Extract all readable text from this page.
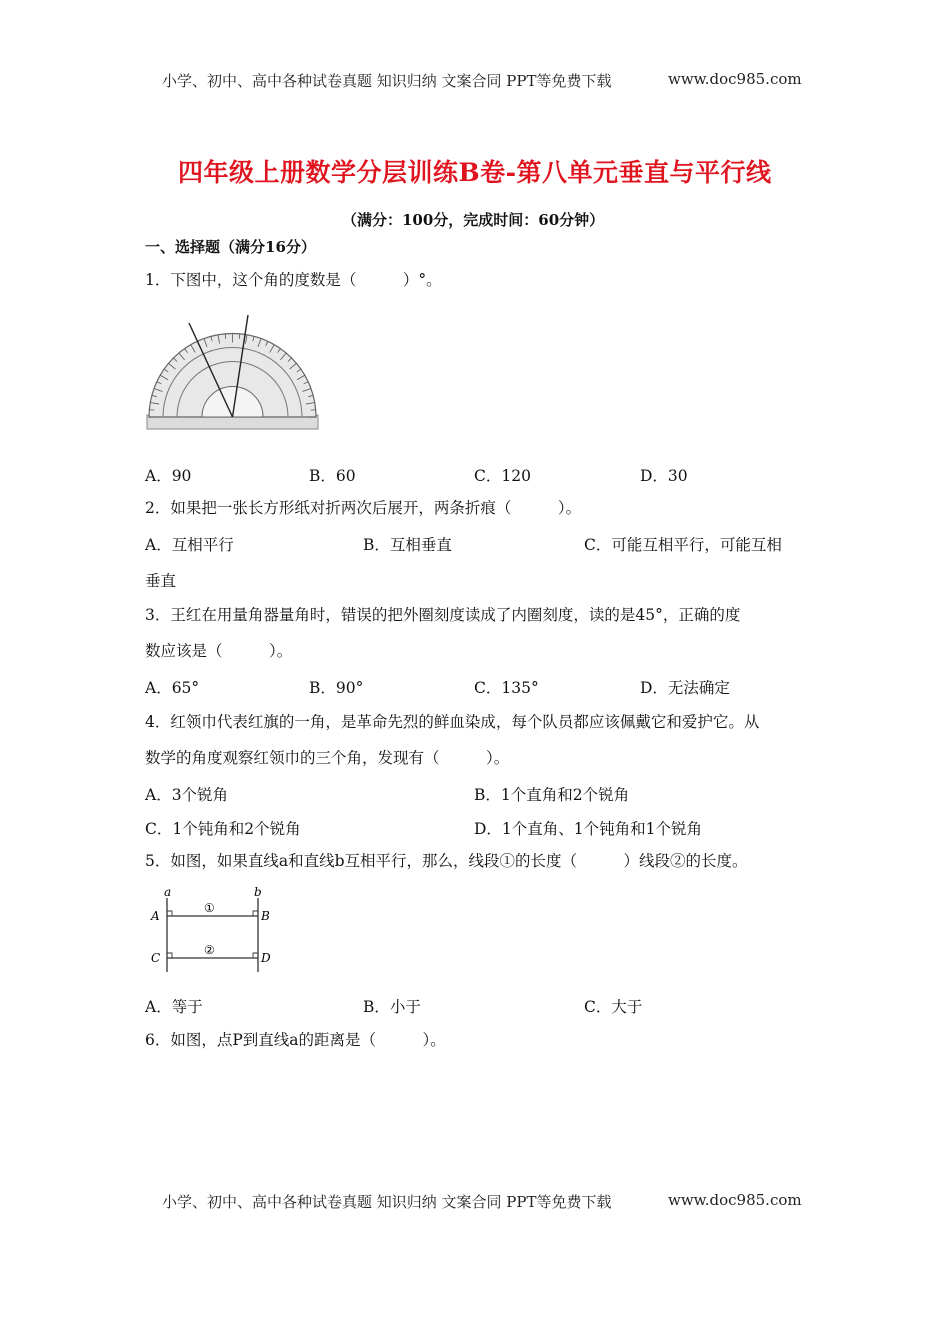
小学、初中、高中各种试卷真题 知识归纳 文案合同 PPT等免费下载	www.doc985.com
四年级上册数学分层训练B卷-第八单元垂直与平行线
（满分：100分，完成时间：60分钟）
一、选择题（满分16分）
1．下图中，这个角的度数是（　　　）°。
A．90	B．60	C．120	D．30
2．如果把一张长方形纸对折两次后展开，两条折痕（　　　）。
A．互相平行	B．互相垂直	C．可能互相平行，可能互相
垂直
3．王红在用量角器量角时，错误的把外圈刻度读成了内圈刻度，读的是45°，正确的度
数应该是（　　　）。
A．65°	B．90°	C．135°	D．无法确定
4．红领巾代表红旗的一角，是革命先烈的鲜血染成，每个队员都应该佩戴它和爱护它。从
数学的角度观察红领巾的三个角，发现有（　　　）。
A．3个锐角	B．1个直角和2个锐角
C．1个钝角和2个锐角	D．1个直角、1个钝角和1个锐角
5．如图，如果直线a和直线b互相平行，那么，线段①的长度（　　　）线段②的长度。
a	b
A	B
C	D
①
②
A．等于	B．小于	C．大于
6．如图，点P到直线a的距离是（　　　）。
小学、初中、高中各种试卷真题 知识归纳 文案合同 PPT等免费下载	www.doc985.com
